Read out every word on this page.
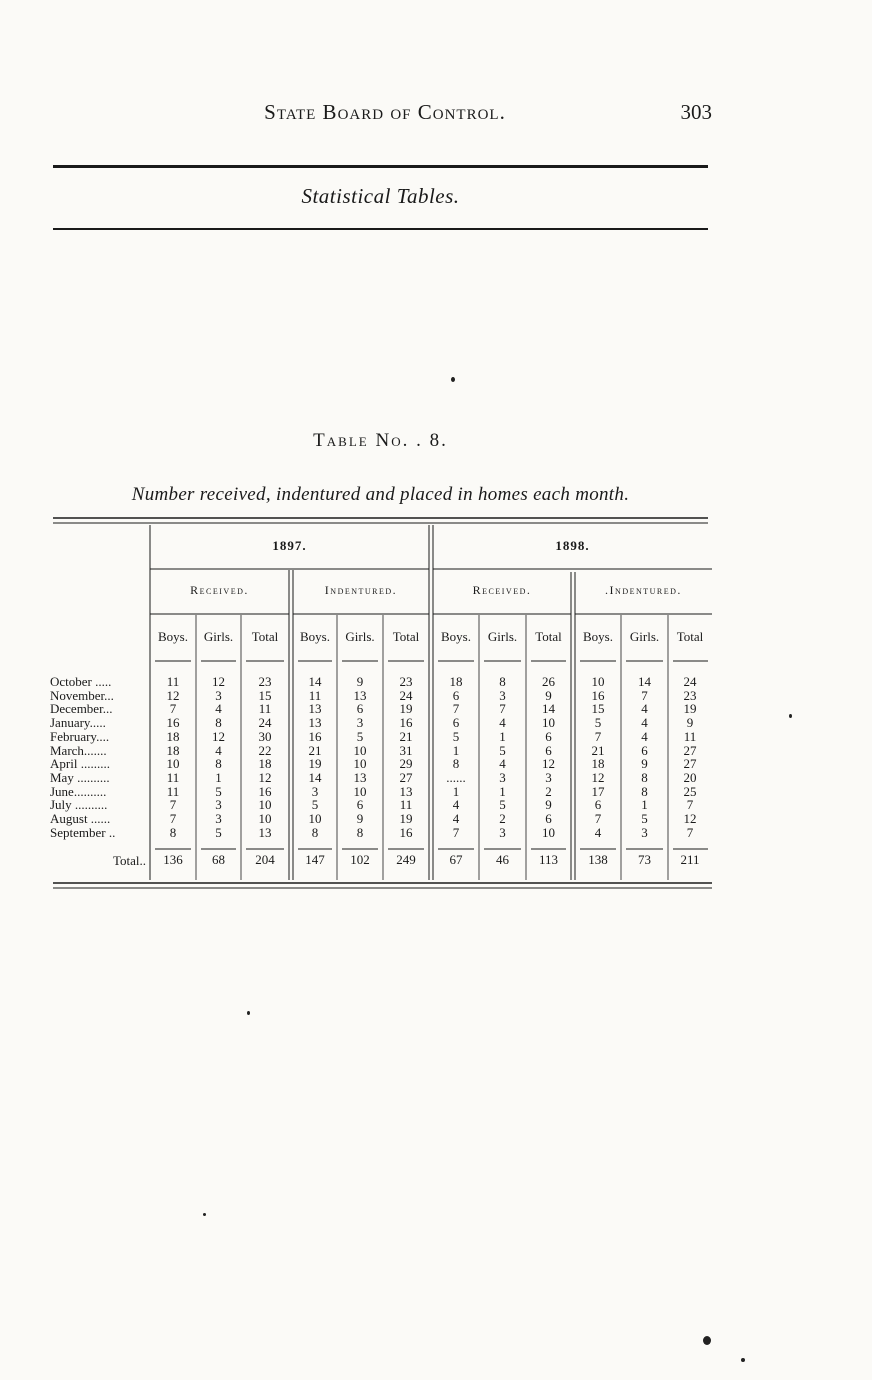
State Board of Control.	303
Statistical Tables.
Table No. . 8.
Number received, indentured and placed in homes each month.
1897.	1898.
Received.	Indentured.	Received.	.Indentured.
Boys.	Girls.	Total	Boys.	Girls.	Total	Boys.	Girls.	Total	Boys.	Girls.	Total
October .....	11	12	23	14	9	23	18	8	26	10	14	24
November...	12	3	15	11	13	24	6	3	9	16	7	23
December...	7	4	11	13	6	19	7	7	14	15	4	19
January.....	16	8	24	13	3	16	6	4	10	5	4	9
February....	18	12	30	16	5	21	5	1	6	7	4	11
March.......	18	4	22	21	10	31	1	5	6	21	6	27
April .........	10	8	18	19	10	29	8	4	12	18	9	27
May ..........	11	1	12	14	13	27	......	3	3	12	8	20
June..........	11	5	16	3	10	13	1	1	2	17	8	25
July ..........	7	3	10	5	6	11	4	5	9	6	1	7
August ......	7	3	10	10	9	19	4	2	6	7	5	12
September ..	8	5	13	8	8	16	7	3	10	4	3	7
Total..	136	68	204	147	102	249	67	46	113	138	73	211
